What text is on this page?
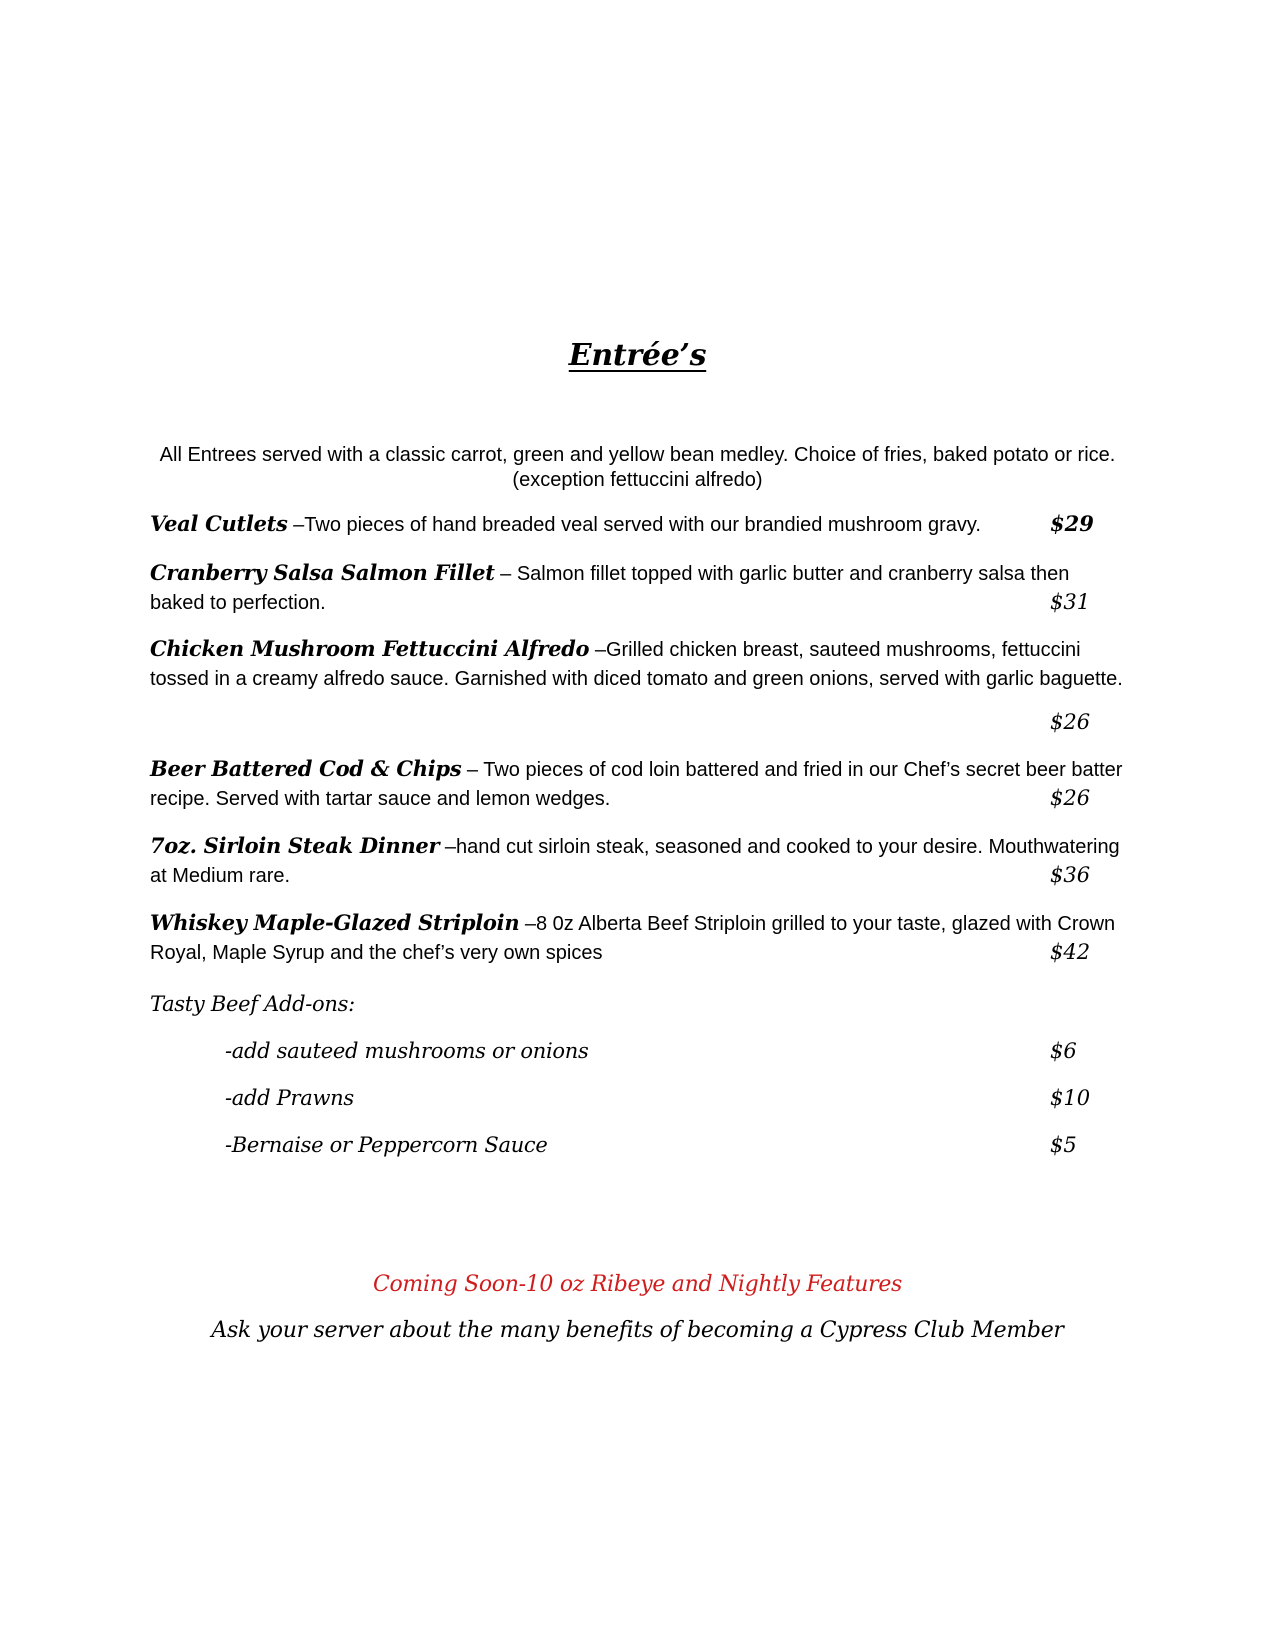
Entrée’s
All Entrees served with a classic carrot, green and yellow bean medley. Choice of fries, baked potato or rice. (exception fettuccini alfredo)
Veal Cutlets –Two pieces of hand breaded veal served with our brandied mushroom gravy.	$29
Cranberry Salsa Salmon Fillet – Salmon fillet topped with garlic butter and cranberry salsa then baked to perfection.	$31
Chicken Mushroom Fettuccini Alfredo –Grilled chicken breast, sauteed mushrooms, fettuccini tossed in a creamy alfredo sauce. Garnished with diced tomato and green onions, served with garlic baguette.
$26
Beer Battered Cod & Chips – Two pieces of cod loin battered and fried in our Chef’s secret beer batter recipe. Served with tartar sauce and lemon wedges.	$26
7oz. Sirloin Steak Dinner –hand cut sirloin steak, seasoned and cooked to your desire. Mouthwatering at Medium rare.	$36
Whiskey Maple-Glazed Striploin –8 0z Alberta Beef Striploin grilled to your taste, glazed with Crown Royal, Maple Syrup and the chef’s very own spices	$42
Tasty Beef Add-ons:
-add sauteed mushrooms or onions	$6
-add Prawns	$10
-Bernaise or Peppercorn Sauce	$5
Coming Soon-10 oz Ribeye and Nightly Features
Ask your server about the many benefits of becoming a Cypress Club Member
